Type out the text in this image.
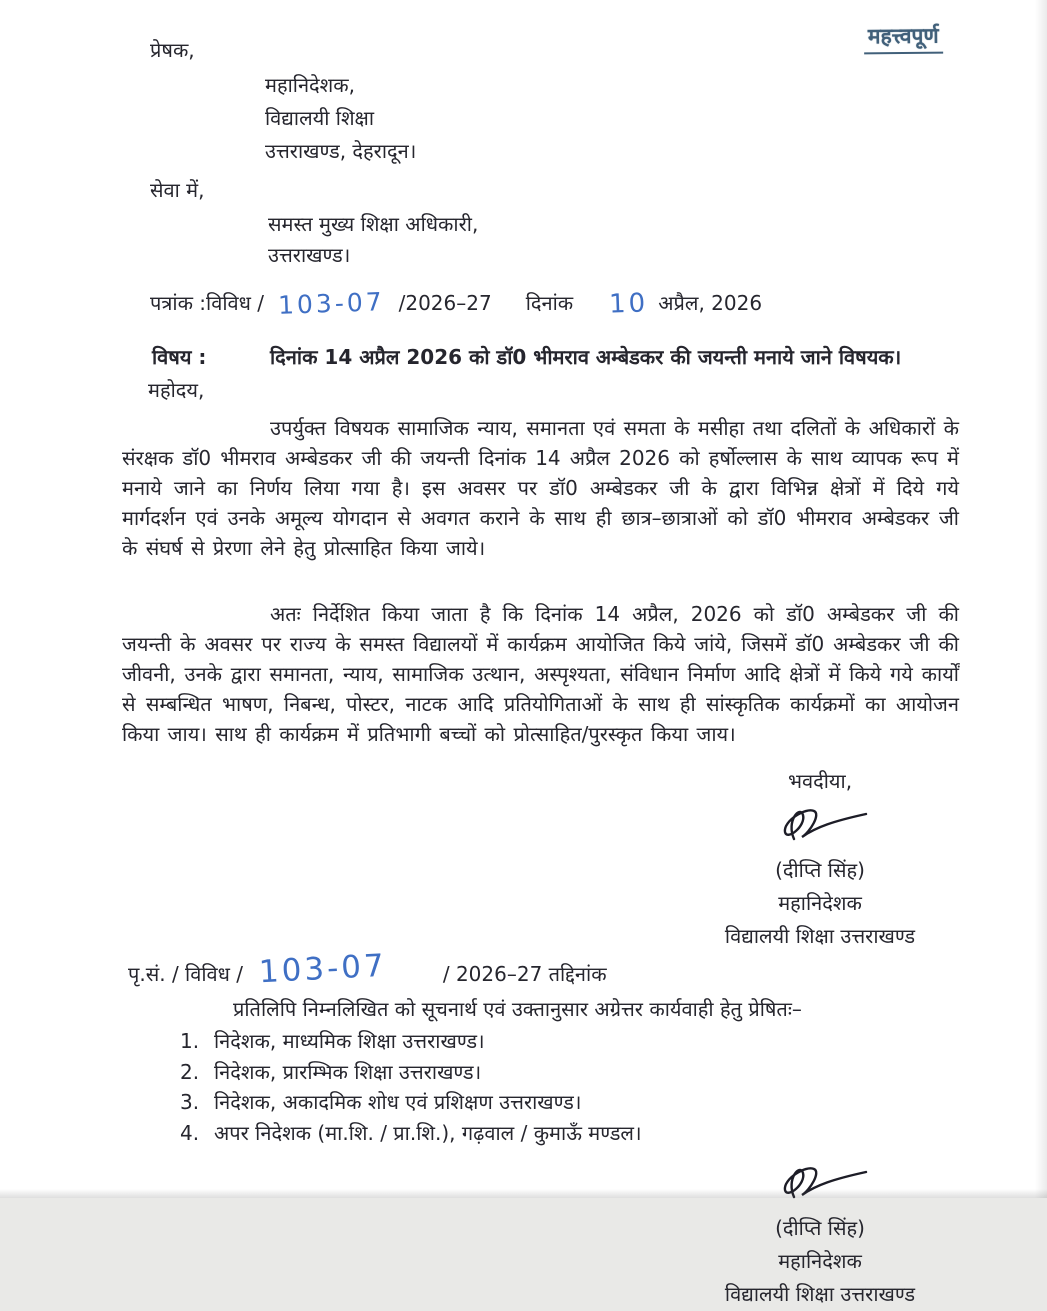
महत्त्वपूर्ण
प्रेषक,
महानिदेशक,
विद्यालयी शिक्षा
उत्तराखण्ड, देहरादून।
सेवा में,
समस्त मुख्य शिक्षा अधिकारी,
उत्तराखण्ड।
पत्रांक :विविध / 103-07 /2026–27 दिनांक 10 अप्रैल, 2026
विषय :	दिनांक 14 अप्रैल 2026 को डॉ0 भीमराव अम्बेडकर की जयन्ती मनाये जाने विषयक।
महोदय,
उपर्युक्त विषयक सामाजिक न्याय, समानता एवं समता के मसीहा तथा दलितों के अधिकारों के संरक्षक डॉ0 भीमराव अम्बेडकर जी की जयन्ती दिनांक 14 अप्रैल 2026 को हर्षोल्लास के साथ व्यापक रूप में मनाये जाने का निर्णय लिया गया है। इस अवसर पर डॉ0 अम्बेडकर जी के द्वारा विभिन्न क्षेत्रों में दिये गये मार्गदर्शन एवं उनके अमूल्य योगदान से अवगत कराने के साथ ही छात्र–छात्राओं को डॉ0 भीमराव अम्बेडकर जी के संघर्ष से प्रेरणा लेने हेतु प्रोत्साहित किया जाये।
अतः निर्देशित किया जाता है कि दिनांक 14 अप्रैल, 2026 को डॉ0 अम्बेडकर जी की जयन्ती के अवसर पर राज्य के समस्त विद्यालयों में कार्यक्रम आयोजित किये जांये, जिसमें डॉ0 अम्बेडकर जी की जीवनी, उनके द्वारा समानता, न्याय, सामाजिक उत्थान, अस्पृश्यता, संविधान निर्माण आदि क्षेत्रों में किये गये कार्यों से सम्बन्धित भाषण, निबन्ध, पोस्टर, नाटक आदि प्रतियोगिताओं के साथ ही सांस्कृतिक कार्यक्रमों का आयोजन किया जाय। साथ ही कार्यक्रम में प्रतिभागी बच्चों को प्रोत्साहित/पुरस्कृत किया जाय।
भवदीया,
(दीप्ति सिंह)
महानिदेशक
विद्यालयी शिक्षा उत्तराखण्ड
पृ.सं. / विविध / 103-07	/ 2026–27 तद्दिनांक
प्रतिलिपि निम्नलिखित को सूचनार्थ एवं उक्तानुसार अग्रेत्तर कार्यवाही हेतु प्रेषितः–
1. निदेशक, माध्यमिक शिक्षा उत्तराखण्ड।
2. निदेशक, प्रारम्भिक शिक्षा उत्तराखण्ड।
3. निदेशक, अकादमिक शोध एवं प्रशिक्षण उत्तराखण्ड।
4. अपर निदेशक (मा.शि. / प्रा.शि.), गढ़वाल / कुमाऊँ मण्डल।
(दीप्ति सिंह)
महानिदेशक
विद्यालयी शिक्षा उत्तराखण्ड
